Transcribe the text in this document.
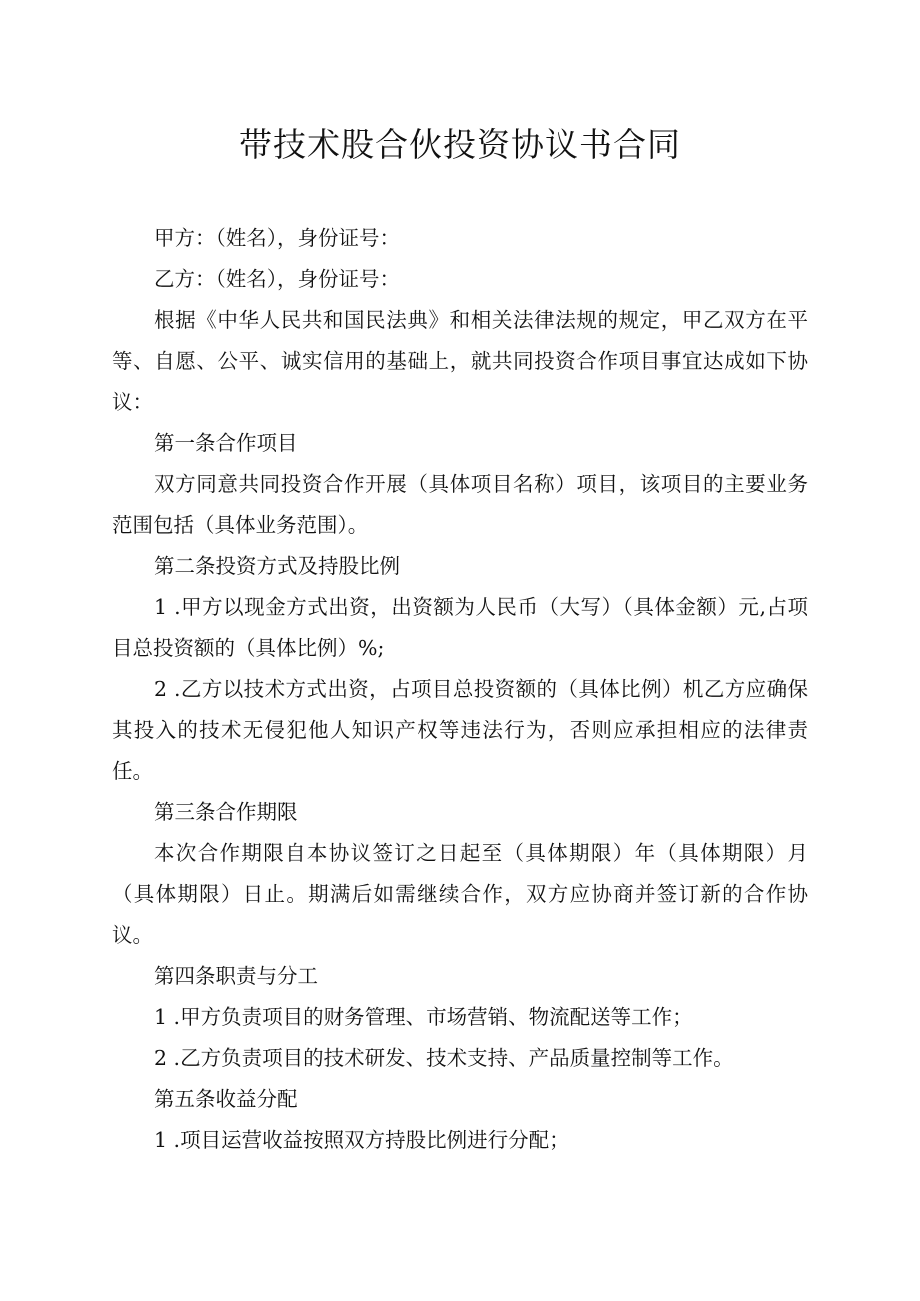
带技术股合伙投资协议书合同

甲方：（姓名），身份证号：

乙方：（姓名），身份证号：

根据《中华人民共和国民法典》和相关法律法规的规定，甲乙双方在平等、自愿、公平、诚实信用的基础上，就共同投资合作项目事宜达成如下协议：

第一条合作项目

双方同意共同投资合作开展（具体项目名称）项目，该项目的主要业务范围包括（具体业务范围）。

第二条投资方式及持股比例

1 .甲方以现金方式出资，出资额为人民币（大写）（具体金额）元,占项目总投资额的（具体比例）%;

2 .乙方以技术方式出资，占项目总投资额的（具体比例）机乙方应确保其投入的技术无侵犯他人知识产权等违法行为，否则应承担相应的法律责任。

第三条合作期限

本次合作期限自本协议签订之日起至（具体期限）年（具体期限）月（具体期限）日止。期满后如需继续合作，双方应协商并签订新的合作协议。

第四条职责与分工

1 .甲方负责项目的财务管理、市场营销、物流配送等工作；

2 .乙方负责项目的技术研发、技术支持、产品质量控制等工作。

第五条收益分配

1 .项目运营收益按照双方持股比例进行分配；
